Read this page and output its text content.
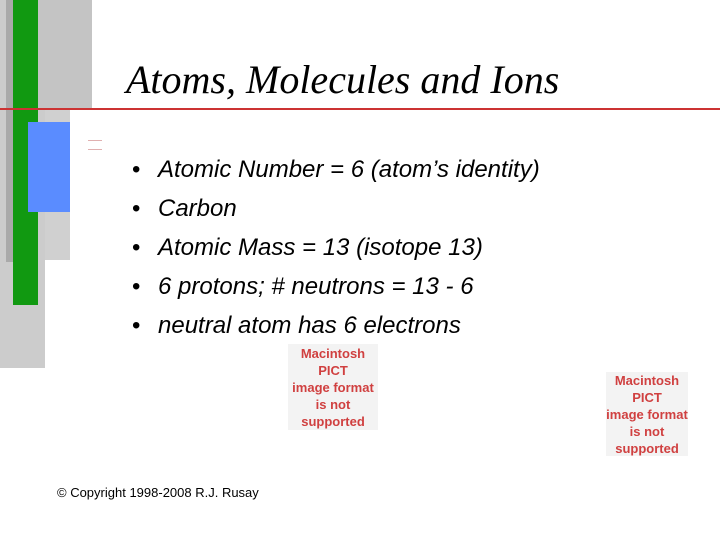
Atoms, Molecules and Ions
• Atomic Number = 6 (atom’s identity)
• Carbon
• Atomic Mass = 13 (isotope 13)
• 6 protons; # neutrons = 13 - 6
• neutral atom has 6 electrons
Macintosh PICT
image format
is not supported
Macintosh PICT
image format
is not supported
© Copyright 1998-2008 R.J. Rusay
